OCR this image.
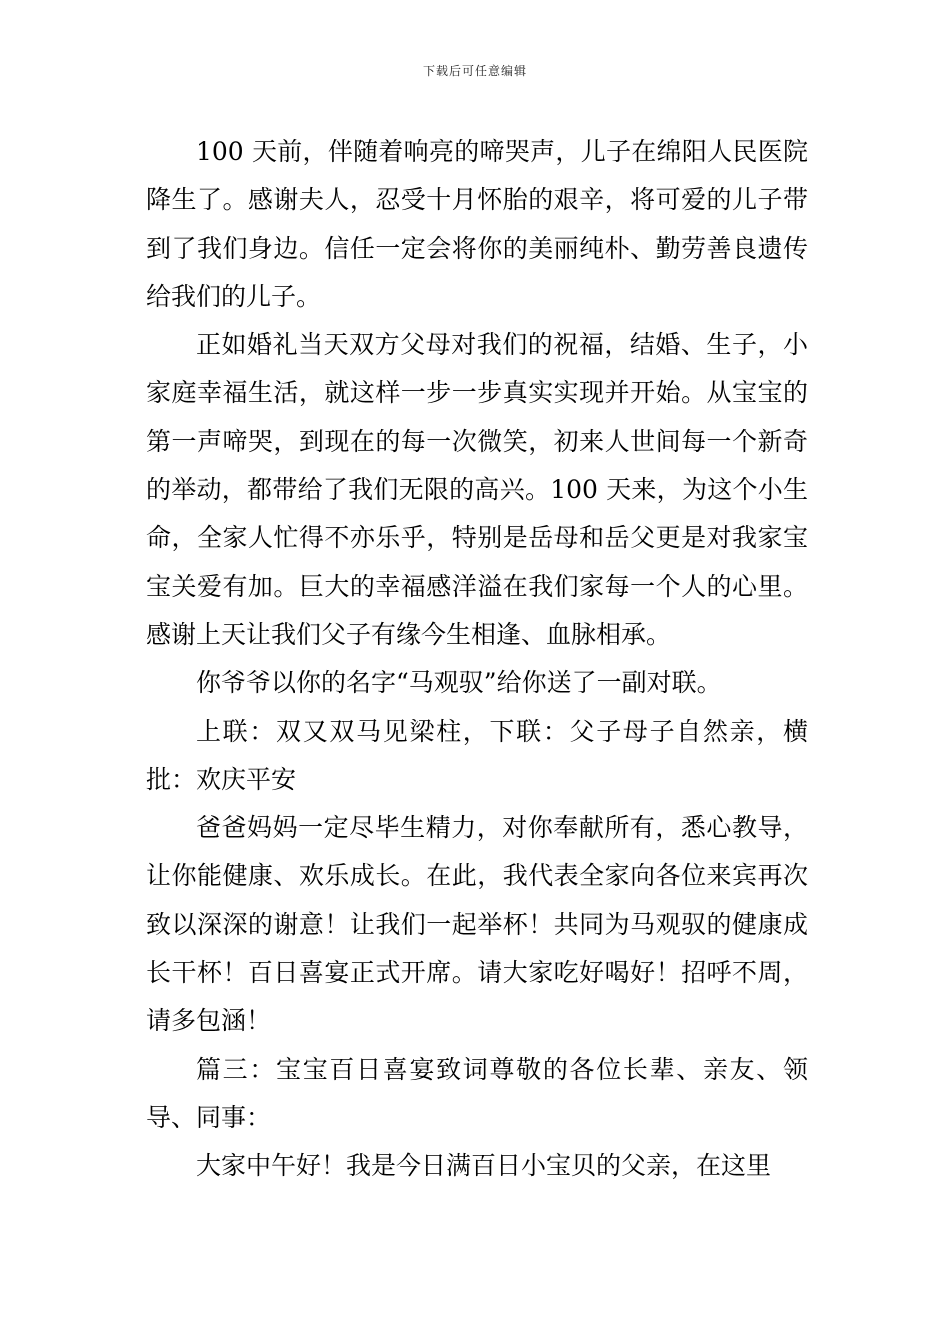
下载后可任意编辑

100 天前，伴随着响亮的啼哭声，儿子在绵阳人民医院降生了。感谢夫人，忍受十月怀胎的艰辛，将可爱的儿子带到了我们身边。信任一定会将你的美丽纯朴、勤劳善良遗传给我们的儿子。

正如婚礼当天双方父母对我们的祝福，结婚、生子，小家庭幸福生活，就这样一步一步真实实现并开始。从宝宝的第一声啼哭，到现在的每一次微笑，初来人世间每一个新奇的举动，都带给了我们无限的高兴。100 天来，为这个小生命，全家人忙得不亦乐乎，特别是岳母和岳父更是对我家宝宝关爱有加。巨大的幸福感洋溢在我们家每一个人的心里。感谢上天让我们父子有缘今生相逢、血脉相承。

你爷爷以你的名字“马观驭”给你送了一副对联。

上联：双又双马见梁柱，下联：父子母子自然亲，横批：欢庆平安

爸爸妈妈一定尽毕生精力，对你奉献所有，悉心教导，让你能健康、欢乐成长。在此，我代表全家向各位来宾再次致以深深的谢意！让我们一起举杯！共同为马观驭的健康成长干杯！百日喜宴正式开席。请大家吃好喝好！招呼不周，请多包涵！

篇三：宝宝百日喜宴致词尊敬的各位长辈、亲友、领导、同事：

大家中午好！我是今日满百日小宝贝的父亲，在这里
